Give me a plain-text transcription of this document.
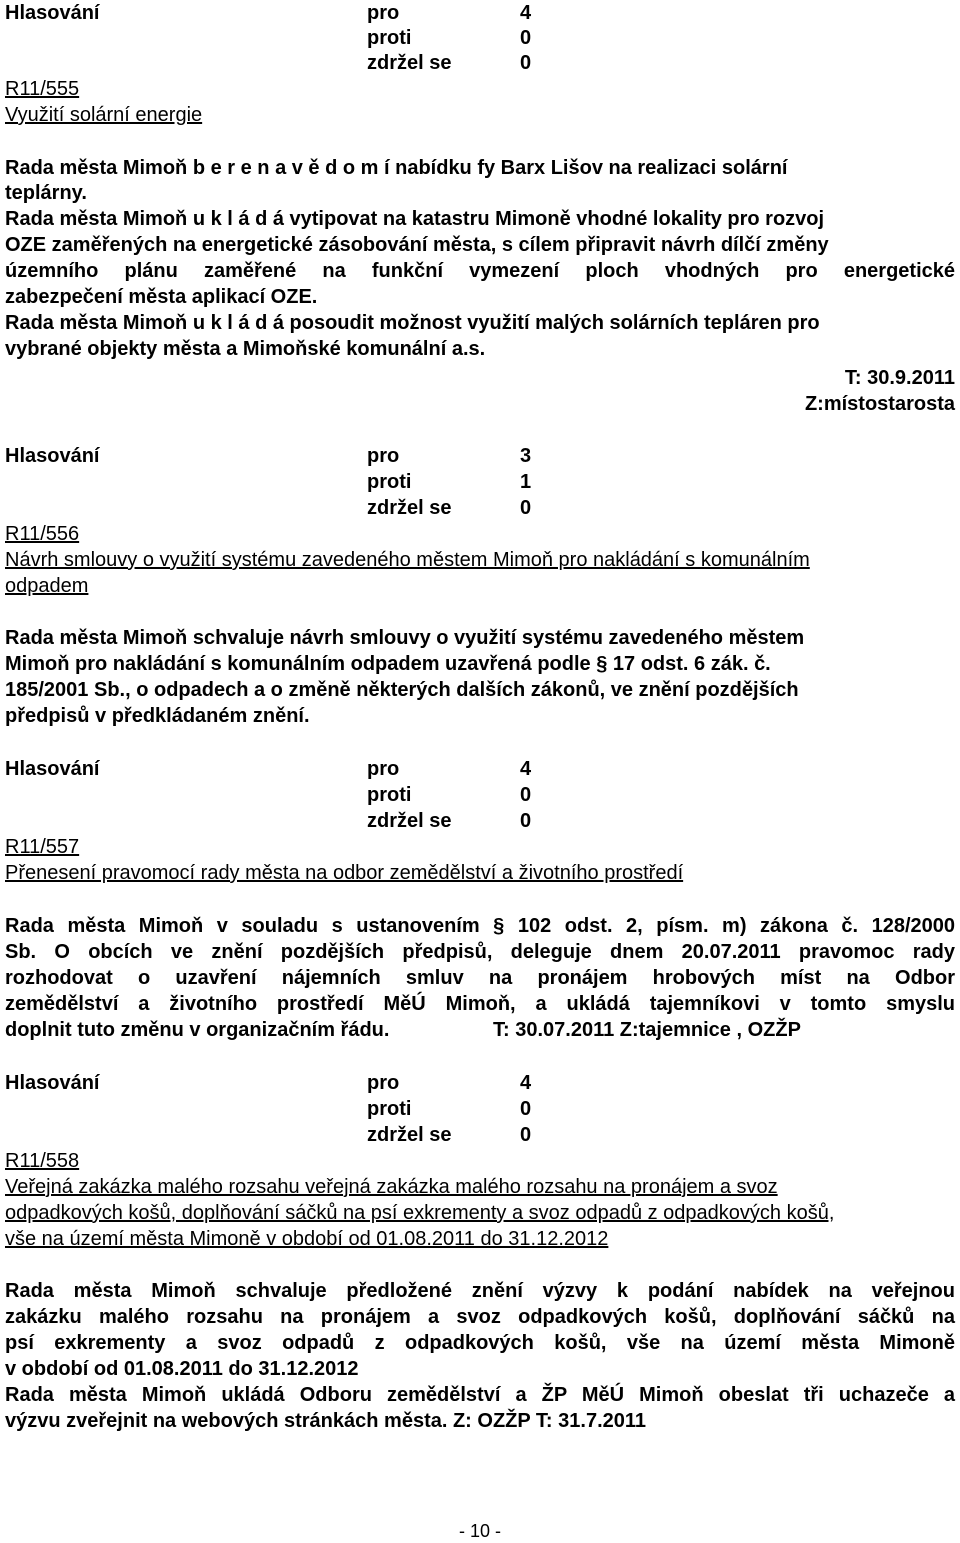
Hlasování	pro	4
proti	0
zdržel se	0
R11/555
Využití solární energie
Rada města Mimoň b e r e n a v ě d o m í nabídku fy Barx Lišov na realizaci solární
teplárny.
Rada města Mimoň u k l á d á vytipovat na katastru Mimoně vhodné lokality pro rozvoj
OZE zaměřených na energetické zásobování města, s cílem připravit návrh dílčí změny
územního plánu zaměřené na funkční vymezení ploch vhodných pro energetické
zabezpečení města aplikací OZE.
Rada města Mimoň u k l á d á posoudit možnost využití malých solárních tepláren pro
vybrané objekty města a Mimoňské komunální a.s.
T: 30.9.2011
Z:místostarosta
Hlasování	pro	3
proti	1
zdržel se	0
R11/556
Návrh smlouvy o využití systému zavedeného městem Mimoň pro nakládání s komunálním
odpadem
Rada města Mimoň schvaluje návrh smlouvy o využití systému zavedeného městem
Mimoň pro nakládání s komunálním odpadem uzavřená podle § 17 odst. 6 zák. č.
185/2001 Sb., o odpadech a o změně některých dalších zákonů, ve znění pozdějších
předpisů v předkládaném znění.
Hlasování	pro	4
proti	0
zdržel se	0
R11/557
Přenesení pravomocí rady města na odbor zemědělství a životního prostředí
Rada města Mimoň v souladu s ustanovením § 102 odst. 2, písm. m) zákona č. 128/2000
Sb. O obcích ve znění pozdějších předpisů, deleguje dnem 20.07.2011 pravomoc rady
rozhodovat o uzavření nájemních smluv na pronájem hrobových míst na Odbor
zemědělství a životního prostředí MěÚ Mimoň, a ukládá tajemníkovi v tomto smyslu
doplnit tuto změnu v organizačním řádu.	T: 30.07.2011 Z:tajemnice , OZŽP
Hlasování	pro	4
proti	0
zdržel se	0
R11/558
Veřejná zakázka malého rozsahu veřejná zakázka malého rozsahu na pronájem a svoz
odpadkových košů, doplňování sáčků na psí exkrementy a svoz odpadů z odpadkových košů,
vše na území města Mimoně v období od 01.08.2011 do 31.12.2012
Rada města Mimoň schvaluje předložené znění výzvy k podání nabídek na veřejnou
zakázku malého rozsahu na pronájem a svoz odpadkových košů, doplňování sáčků na
psí exkrementy a svoz odpadů z odpadkových košů, vše na území města Mimoně
v období od 01.08.2011 do 31.12.2012
Rada města Mimoň ukládá Odboru zemědělství a ŽP MěÚ Mimoň obeslat tři uchazeče a
výzvu zveřejnit na webových stránkách města. Z: OZŽP T: 31.7.2011
- 10 -
